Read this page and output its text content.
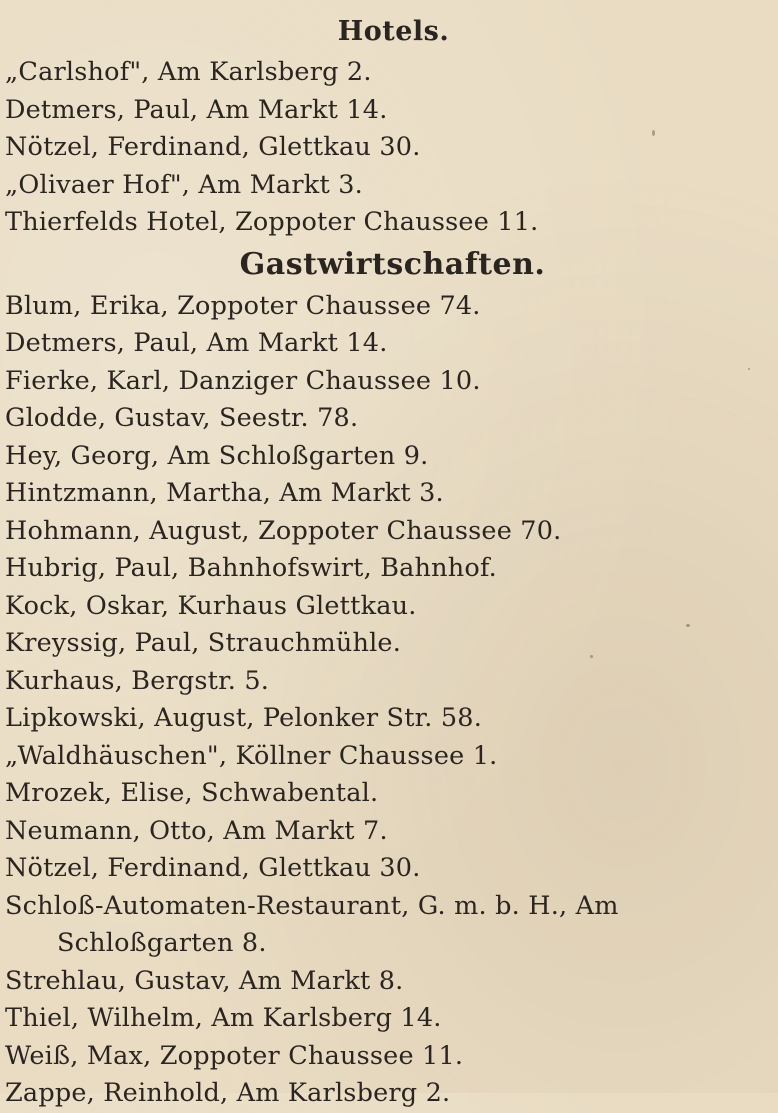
Hotels.
„Carlshof", Am Karlsberg 2.
Detmers, Paul, Am Markt 14.
Nötzel, Ferdinand, Glettkau 30.
„Olivaer Hof", Am Markt 3.
Thierfelds Hotel, Zoppoter Chaussee 11.
Gastwirtschaften.
Blum, Erika, Zoppoter Chaussee 74.
Detmers, Paul, Am Markt 14.
Fierke, Karl, Danziger Chaussee 10.
Glodde, Gustav, Seestr. 78.
Hey, Georg, Am Schloßgarten 9.
Hintzmann, Martha, Am Markt 3.
Hohmann, August, Zoppoter Chaussee 70.
Hubrig, Paul, Bahnhofswirt, Bahnhof.
Kock, Oskar, Kurhaus Glettkau.
Kreyssig, Paul, Strauchmühle.
Kurhaus, Bergstr. 5.
Lipkowski, August, Pelonker Str. 58.
„Waldhäuschen", Köllner Chaussee 1.
Mrozek, Elise, Schwabental.
Neumann, Otto, Am Markt 7.
Nötzel, Ferdinand, Glettkau 30.
Schloß-Automaten-Restaurant, G. m. b. H., Am
Schloßgarten 8.
Strehlau, Gustav, Am Markt 8.
Thiel, Wilhelm, Am Karlsberg 14.
Weiß, Max, Zoppoter Chaussee 11.
Zappe, Reinhold, Am Karlsberg 2.
